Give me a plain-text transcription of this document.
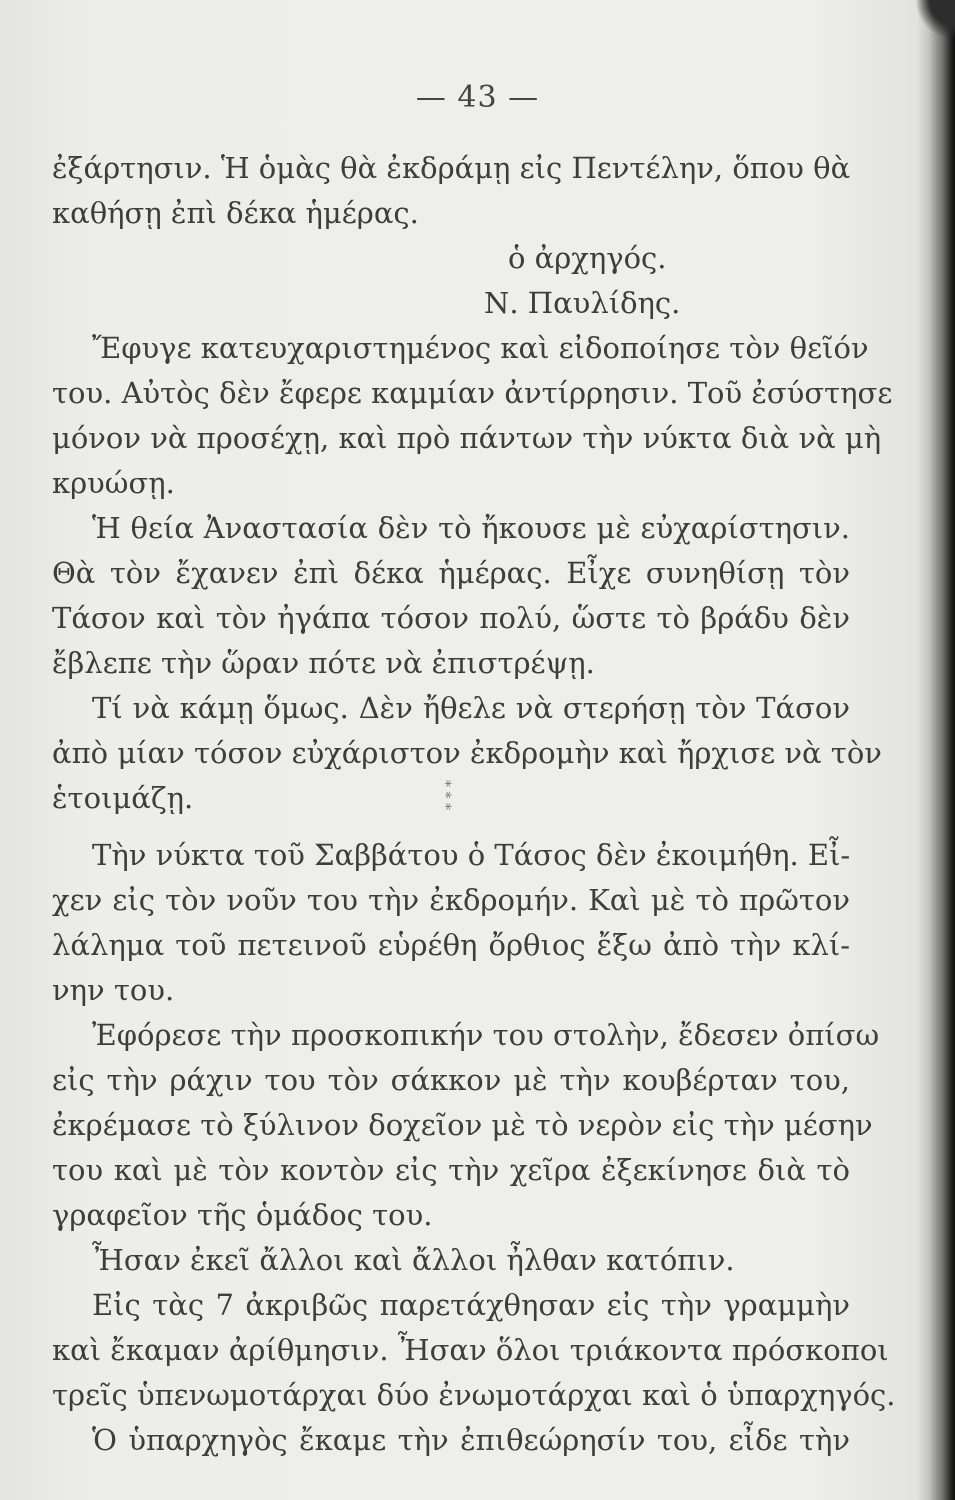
— 43 —
ἐξάρτησιν. Ἡ ὁμὰς θὰ ἐκδράμῃ εἰς Πεντέλην, ὅπου θὰ
καθήσῃ ἐπὶ δέκα ἡμέρας.
ὁ ἀρχηγός.
Ν. Παυλίδης.
Ἔφυγε κατευχαριστημένος καὶ εἰδοποίησε τὸν θεῖόν
του. Αὐτὸς δὲν ἔφερε καμμίαν ἀντίρρησιν. Τοῦ ἐσύστησε
μόνον νὰ προσέχῃ, καὶ πρὸ πάντων τὴν νύκτα διὰ νὰ μὴ
κρυώσῃ.
Ἡ θεία Ἀναστασία δὲν τὸ ἤκουσε μὲ εὐχαρίστησιν.
Θὰ τὸν ἔχανεν ἐπὶ δέκα ἡμέρας. Εἶχε συνηθίσῃ τὸν
Τάσον καὶ τὸν ἠγάπα τόσον πολύ, ὥστε τὸ βράδυ δὲν
ἔβλεπε τὴν ὥραν πότε νὰ ἐπιστρέψῃ.
Τί νὰ κάμῃ ὅμως. Δὲν ἤθελε νὰ στερήσῃ τὸν Τάσον
ἀπὸ μίαν τόσον εὐχάριστον ἐκδρομὴν καὶ ἤρχισε νὰ τὸν
ἑτοιμάζῃ.	* * *
Τὴν νύκτα τοῦ Σαββάτου ὁ Τάσος δὲν ἐκοιμήθη. Εἶ-
χεν εἰς τὸν νοῦν του τὴν ἐκδρομήν. Καὶ μὲ τὸ πρῶτον
λάλημα τοῦ πετεινοῦ εὑρέθη ὄρθιος ἔξω ἀπὸ τὴν κλί-
νην του.
Ἐφόρεσε τὴν προσκοπικήν του στολὴν, ἔδεσεν ὀπίσω
εἰς τὴν ράχιν του τὸν σάκκον μὲ τὴν κουβέρταν του,
ἐκρέμασε τὸ ξύλινον δοχεῖον μὲ τὸ νερὸν εἰς τὴν μέσην
του καὶ μὲ τὸν κοντὸν εἰς τὴν χεῖρα ἐξεκίνησε διὰ τὸ
γραφεῖον τῆς ὁμάδος του.
Ἦσαν ἐκεῖ ἄλλοι καὶ ἄλλοι ἦλθαν κατόπιν.
Εἰς τὰς 7 ἀκριβῶς παρετάχθησαν εἰς τὴν γραμμὴν
καὶ ἔκαμαν ἀρίθμησιν. Ἦσαν ὅλοι τριάκοντα πρόσκοποι
τρεῖς ὑπενωμοτάρχαι δύο ἐνωμοτάρχαι καὶ ὁ ὑπαρχηγός.
Ὁ ὑπαρχηγὸς ἔκαμε τὴν ἐπιθεώρησίν του, εἶδε τὴν
